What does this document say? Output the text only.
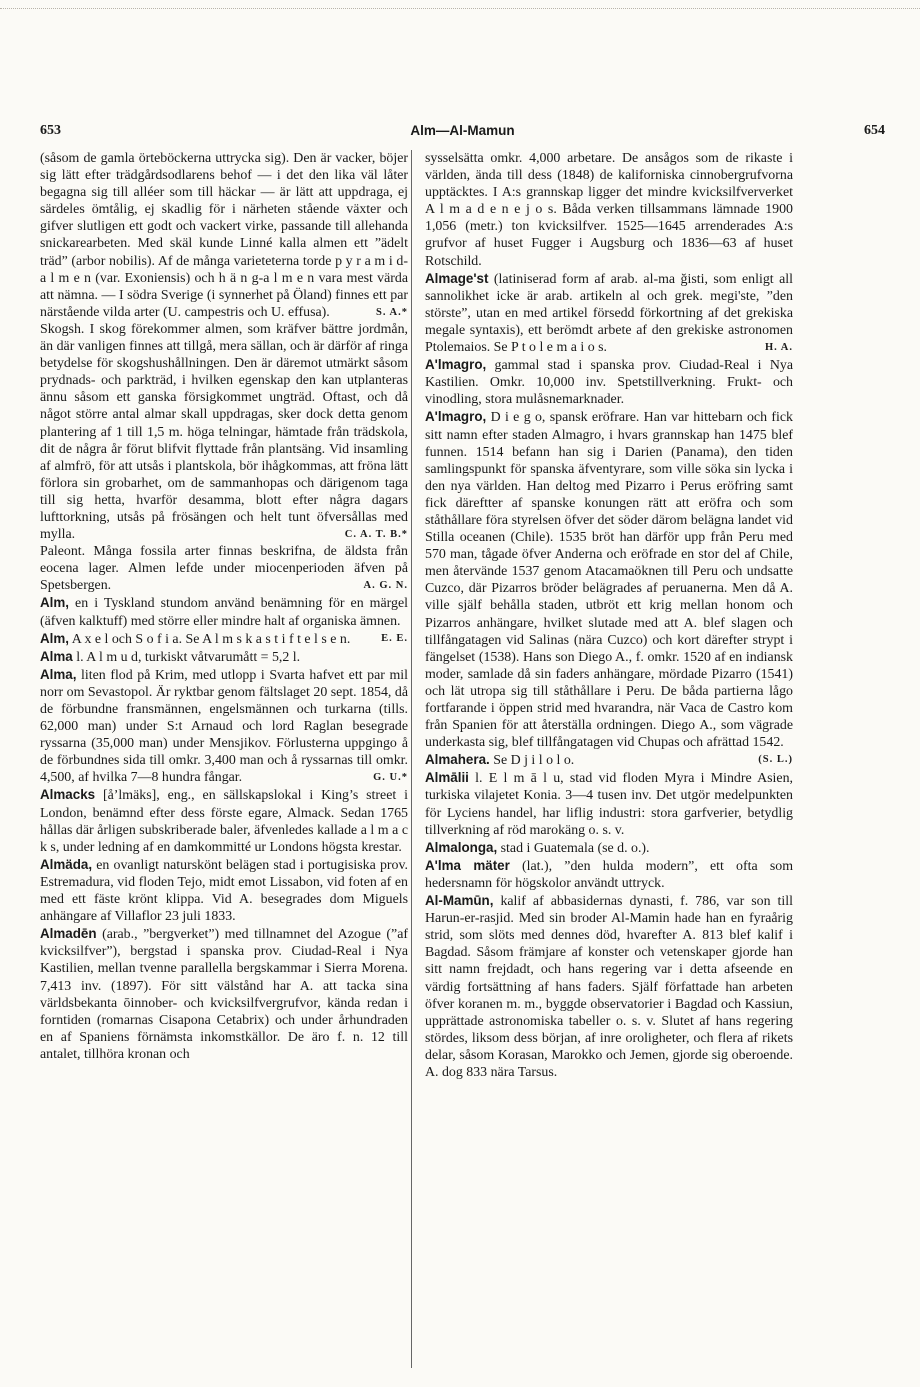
653	Alm—Al-Mamun	654

(såsom de gamla örteböckerna uttrycka sig). Den är vacker, böjer sig lätt efter trädgårdsodlarens behof — i det den lika väl låter begagna sig till alléer som till häckar — är lätt att uppdraga, ej särdeles ömtålig, ej skadlig för i närheten stående växter och gifver slutligen ett godt och vackert virke, passande till allehanda snickarearbeten. Med skäl kunde Linné kalla almen ett ”ädelt träd” (arbor nobilis). Af de många varieteterna torde p y r a m i d-a l m e n (var. Exoniensis) och h ä n g-a l m e n vara mest värda att nämna. — I södra Sverige (i synnerhet på Öland) finnes ett par närstående vilda arter (U. campestris och U. effusa).	S. A.*

Skogsh. I skog förekommer almen, som kräfver bättre jordmån, än där vanligen finnes att tillgå, mera sällan, och är därför af ringa betydelse för skogshushållningen. Den är däremot utmärkt såsom prydnads- och parkträd, i hvilken egenskap den kan utplanteras ännu såsom ett ganska försigkommet ungträd. Oftast, och då något större antal almar skall uppdragas, sker dock detta genom plantering af 1 till 1,5 m. höga telningar, hämtade från trädskola, dit de några år förut blifvit flyttade från plantsäng. Vid insamling af almfrö, för att utsås i plantskola, bör ihågkommas, att fröna lätt förlora sin grobarhet, om de sammanhopas och därigenom taga till sig hetta, hvarför desamma, blott efter några dagars lufttorkning, utsås på frösängen och helt tunt öfversållas med mylla.	C. A. T. B.*

Paleont. Många fossila arter finnas beskrifna, de äldsta från eocena lager. Almen lefde under miocenperioden äfven på Spetsbergen.	A. G. N.

Alm, en i Tyskland stundom använd benämning för en märgel (äfven kalktuff) med större eller mindre halt af organiska ämnen.
E. E.

Alm, A x e l och S o f i a. Se A l m s k a s t i f t e l s e n.

Alma l. A l m u d, turkiskt våtvarumått = 5,2 l.

Alma, liten flod på Krim, med utlopp i Svarta hafvet ett par mil norr om Sevastopol. Är ryktbar genom fältslaget 20 sept. 1854, då de förbundne fransmännen, engelsmännen och turkarna (tills. 62,000 man) under S:t Arnaud och lord Raglan besegrade ryssarna (35,000 man) under Mensjikov. Förlusterna uppgingo å de förbundnes sida till omkr. 3,400 man och å ryssarnas till omkr. 4,500, af hvilka 7—8 hundra fångar.	G. U.*

Almacks [å’lmäks], eng., en sällskapslokal i King’s street i London, benämnd efter dess förste egare, Almack. Sedan 1765 hållas där årligen subskriberade baler, äfvenledes kallade a l m a c k s, under ledning af en damkommitté ur Londons högsta krestar.

Almäda, en ovanligt naturskönt belägen stad i portugisiska prov. Estremadura, vid floden Tejo, midt emot Lissabon, vid foten af en med ett fäste krönt klippa. Vid A. besegrades dom Miguels anhängare af Villaflor 23 juli 1833.

Almadēn (arab., ”bergverket”) med tillnamnet del Azogue (”af kvicksilfver”), bergstad i spanska prov. Ciudad-Real i Nya Kastilien, mellan tvenne parallella bergskammar i Sierra Morena. 7,413 inv. (1897). För sitt välstånd har A. att tacka sina världsbekanta ōinnober- och kvicksilfvergrufvor, kända redan i forntiden (romarnas Cisapona Cetabrix) och under århundraden en af Spaniens förnämsta inkomstkällor. De äro f. n. 12 till antalet, tillhöra kronan och

sysselsätta omkr. 4,000 arbetare. De ansågos som de rikaste i världen, ända till dess (1848) de kaliforniska cinnobergrufvorna upptäcktes. I A:s grannskap ligger det mindre kvicksilfververket A l m a d e n e j o s. Båda verken tillsammans lämnade 1900 1,056 (metr.) ton kvicksilfver. 1525—1645 arrenderades A:s grufvor af huset Fugger i Augsburg och 1836—63 af huset Rotschild.

Almage'st (latiniserad form af arab. al-ma ğisti, som enligt all sannolikhet icke är arab. artikeln al och grek. megi'ste, ”den störste”, utan en med artikel försedd förkortning af det grekiska megale syntaxis), ett berömdt arbete af den grekiske astronomen Ptolemaios. Se P t o l e m a i o s.	H. A.

A'lmagro, gammal stad i spanska prov. Ciudad-Real i Nya Kastilien. Omkr. 10,000 inv. Spetstillverkning. Frukt- och vinodling, stora mulåsnemarknader.

A'lmagro, D i e g o, spansk eröfrare. Han var hittebarn och fick sitt namn efter staden Almagro, i hvars grannskap han 1475 blef funnen. 1514 befann han sig i Darien (Panama), den tiden samlingspunkt för spanska äfventyrare, som ville söka sin lycka i den nya världen. Han deltog med Pizarro i Perus eröfring samt fick däreftter af spanske konungen rätt att eröfra och som ståthållare föra styrelsen öfver det söder därom belägna landet vid Stilla oceanen (Chile). 1535 bröt han därför upp från Peru med 570 man, tågade öfver Anderna och eröfrade en stor del af Chile, men återvände 1537 genom Atacamaöknen till Peru och undsatte Cuzco, där Pizarros bröder belägrades af peruanerna. Men då A. ville själf behålla staden, utbröt ett krig mellan honom och Pizarros anhängare, hvilket slutade med att A. blef slagen och tillfångatagen vid Salinas (nära Cuzco) och kort därefter strypt i fängelset (1538). Hans son Diego A., f. omkr. 1520 af en indiansk moder, samlade då sin faders anhängare, mördade Pizarro (1541) och lät utropa sig till ståthållare i Peru. De båda partierna lågo fortfarande i öppen strid med hvarandra, när Vaca de Castro kom från Spanien för att återställa ordningen. Diego A., som vägrade underkasta sig, blef tillfångatagen vid Chupas och afrättad 1542.
(S. L.)

Almahera. Se D j i l o l o.

Almālii l. E l m ā l u, stad vid floden Myra i Mindre Asien, turkiska vilajetet Konia. 3—4 tusen inv. Det utgör medelpunkten för Lyciens handel, har liflig industri: stora garfverier, betydlig tillverkning af röd marokäng o. s. v.

Almalonga, stad i Guatemala (se d. o.).

A'lma mäter (lat.), ”den hulda modern”, ett ofta som hedersnamn för högskolor användt uttryck.

Al-Mamūn, kalif af abbasidernas dynasti, f. 786, var son till Harun-er-rasjid. Med sin broder Al-Mamin hade han en fyraårig strid, som slöts med dennes död, hvarefter A. 813 blef kalif i Bagdad. Såsom främjare af konster och vetenskaper gjorde han sitt namn frejdadt, och hans regering var i detta afseende en värdig fortsättning af hans faders. Själf författade han arbeten öfver koranen m. m., byggde observatorier i Bagdad och Kassiun, upprättade astronomiska tabeller o. s. v. Slutet af hans regering stördes, liksom dess början, af inre oroligheter, och flera af rikets delar, såsom Korasan, Marokko och Jemen, gjorde sig oberoende. A. dog 833 nära Tarsus.
